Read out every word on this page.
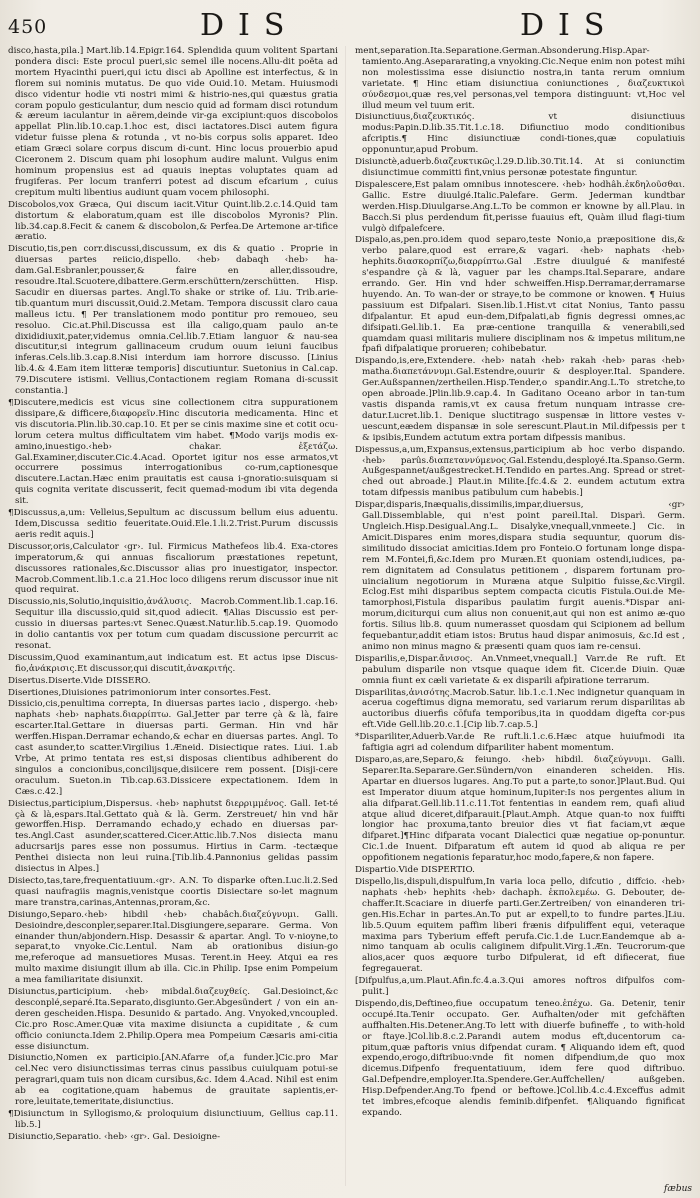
450	DIS	DIS

disco,hasta,pila.] Mart.lib.14.Epigr.164. Splendida quum volitent Spartani pondera disci: Este procul pueri,sic semel ille nocens.Allu-dit poëta ad mortem Hyacinthi pueri,qui ictu disci ab Apolline est interfectus, & in florem sui nominis mutatus. De quo vide Ouid.10. Metam. Huiusmodi disco videntur hodie vti nostri mimi & histrio-nes,qui quæstus gratia coram populo gesticulantur, dum nescio quid ad formam disci rotundum & æreum iaculantur in aërem,deinde vir-ga excipiunt:quos discobolos appellat Plin.lib.10.cap.1.hoc est, disci iactatores.Disci autem figura videtur fuisse plena & rotunda , vt no-bis corpus solis apparet. Ideo etiam Græci solare corpus discum di-cunt. Hinc locus prouerbio apud Ciceronem 2. Discum quam phi losophum audire malunt. Vulgus enim hominum propensius est ad quauis ineptas voluptates quam ad frugiferas. Per locum tranferri potest ad discum efcarium , cuius crepitum multi libentius audiunt quam vocem philosophi.

Discobolos,vox Græca, Qui discum iacit.Vitur Quint.lib.2.c.14.Quid tam distortum & elaboratum,quam est ille discobolos Myronis? Plin. lib.34.cap.8.Fecit & canem & discobolon,& Perfea.De Artemone ar-tifice æratio.

Discutio,tis,pen corr.discussi,discussum, ex dis & quatio . Proprie in diuersas partes reiicio,dispello. ‹heb› dabaqh ‹heb› ha-dam.Gal.Esbranler,pousser,& faire en aller,dissoudre, resoudre.Ital.Scuotere,dibattere.Germ.erschüttern/zerschütten. Hisp. Sacudir en diuersas partes. Angl.To shake or strike of. Liu. Trib.arie-tib.quantum muri discussit,Ouid.2.Metam. Tempora discussit claro caua malleus ictu. ¶ Per translationem modo pontitur pro remoueo, seu resoluo. Cic.at.Phil.Discussa est illa caligo,quam paulo an-te dixididiuxit,pater,videmus omnia.Cel.lib.7.Etiam languor & nau-sea discutitur,si integrum gallinaceum crudum ouum ieiuni faucibus inferas.Cels.lib.3.cap.8.Nisi interdum iam horrore discusso. [Linius lib.4.& 4.Eam item litteræ temporis] discutiuntur. Suetonius in Cal.cap. 79.Discutere istismi. Vellius,Contactionem regiam Romana di-scussit constantia.]

¶Discutere,medicis est vicus sine collectionem citra suppurationem dissipare,& difficere,διαφορεῖν.Hinc discutoria medicamenta. Hinc et vis discutoria.Plin.lib.30.cap.10. Et per se cinis maxime sine et cotit ocu-lorum cetera multus difficultatem vim habet. ¶Modo varijs modis ex-amino,inuestigo.‹heb› chakar. ἐξετάζω. Gal.Examiner,discuter.Cic.4.Acad. Oportet igitur nos esse armatos,vt occurrere possimus interrogationibus co-rum,captionesque discutere.Lactan.Hæc enim prauitatis est causa i-gnoratio:suisquam si quis cognita veritate discusserit, fecit quemad-modum ibi vita degenda sit.

¶Discussus,a,um: Velleius,Sepultum ac discussum bellum eius aduentu. Idem,Discussa seditio feueritate.Ouid.Ele.1.li.2.Trist.Purum discussis aeris redit aquis.]

Discussor,oris,Calculator ‹gr›. Iul. Firmicus Mathefeos lib.4. Exa-ctores imperatorum,& qui annuas fiscaliorum præstationes repetunt, discussores rationales,&c.Discussor alias pro inuestigator, inspector. Macrob.Comment.lib.1.c.a 21.Hoc loco diligens rerum discussor inue nit quod requirat.

Discussio,nis,Solutio,inquisitio,ἀνάλυσις. Macrob.Comment.lib.1.cap.16. Sequitur illa discussio,quid sit,quod adiecit. ¶Alias Discussio est per-cussio in diuersas partes:vt Senec.Quæst.Natur.lib.5.cap.19. Quomodo in dolio cantantis vox per totum cum quadam discussione percurrit ac resonat.

Discussim,Quod examinantum,aut indicatum est. Et actus ipse Discus-fio,ἀνάκρισις.Et discussor,qui discutit,ἀνακριτής.

Disertus.Diserte.Vide DISSERO.

Disertiones,Diuisiones patrimoniorum inter consortes.Fest.

Dissicio,cis,penultima correpta, In diuersas partes iacio , dispergo. ‹heb› naphats ‹heb› naphats.διαρρίπτω. Gal.Jetter par terre çà & là, faire escarter.Ital.Gettare in diuersas parti. German. Hin vnd här werffen.Hispan.Derramar echando,& echar en diuersas partes. Angl. To cast asunder,to scatter.Virgilius 1.Æneid. Disiectique rates. Liui. 1.ab Vrbe, At primo tentata res est,si disposas clientibus adhiberent do singulos a concionibus,concilijsque,disiicere rem possent. [Disji-cere oraculum. Sueton.in Tib.cap.63.Dissicere expectationem. Idem in Cæs.c.42.]

Disiectus,participium,Dispersus. ‹heb› naphutst διερριμμένος. Gall. Iet-té çà & là,espars.Ital.Gettato quà & là. Germ. Zerstreuet/ hin vnd här geworffen.Hisp. Derramando echado,y echado en diuersas par-tes.Angl.Cast asunder,scattered.Cicer.Attic.lib.7.Nos disiecta manu aducrsarijs pares esse non possumus. Hirtius in Carm. -tectæque Penthei disiecta non leui ruina.[Tib.lib.4.Pannonius gelidas passim disiectus in Alpes.]

Disiecto,tas,tare,frequentatiuum.‹gr›. A.N. To disparke often.Luc.li.2.Sed quasi naufragiis magnis,venistque coortis Disiectare so-let magnum mare transtra,carinas,Antennas,proram,&c.

Disiungo,Separo.‹heb› hibdil ‹heb› chabâch.διαζεύγνυμι. Galli. Desioindre,desconpler,separer.Ital.Disgiungere,separare. Germa. Von einander thun/abjondern.Hisp. Desassir & apartar. Angl. To v-nioyne,to separat,to vnyoke.Cic.Lentul. Nam ab orationibus disiun-go me,referoque ad mansuetiores Musas. Terent.in Heey. Atqui ea res multo maxime disiungit illum ab illa. Cic.in Philip. Ipse enim Pompeium a mea familiaritate disiunxit.

Disiunctus,participium. ‹heb› mibdal.διαζευχθείς. Gal.Desioinct,&c desconplé,separé.Ita.Separato,disgiunto.Ger.Abgesündert / von ein an-deren gescheiden.Hispa. Desunido & partado. Ang. Vnyoked,vncoupled. Cic.pro Rosc.Amer.Quæ vita maxime disiuncta a cupiditate , & cum officio coniuncta.Idem 2.Philip.Opera mea Pompeium Cæsaris ami-citia esse disiunctum.

Disiunctio,Nomen ex participio.[AN.Afarre of,a funder.]Cic.pro Mar cel.Nec vero disiunctissimas terras cinus passibus cuiulquam potui-se peragrari,quam tuis non dicam cursibus,&c. Idem 4.Acad. Nihil est enim ab ea cogitatione,quam habemus de grauitate sapientis,er-rore,leuitate,temeritate,disiunctius.

¶Disiunctum in Syllogismo,& proloquium disiunctiuum, Gellius cap.11. lib.5.]

Disiunctio,Separatio. ‹heb› ‹gr›. Gal. Desioigne-

ment,separation.Ita.Separatione.German.Absonderung.Hisp.Apar-tamiento.Ang.Asepararating,a vnyoking.Cic.Neque enim non potest mihi non molestissima esse disiunctio nostra,in tanta rerum omnium varietate. ¶ Hinc etiam disiunctiua coniunctiones , διαζευκτικοὶ σύνδεσμοι,quæ res,vel personas,vel tempora distinguunt: vt,Hoc vel illud meum vel tuum erit.

Disiunctiuus,διαζευκτικός. vt disiunctiuus modus:Papin.D.lib.35.Tit.1.c.18. Difiunctiuo modo conditionibus afcriptis.¶ Hinc disiunctiuæ condi-tiones,quæ copulatiuis opponuntur,apud Probum.

Disiunctè,aduerb.διαζευκτικῶς.l.29.D.lib.30.Tit.14. At si coniunctim disiunctimue committi fint,vnius personæ potestate finguntur.

Dispalescere,Est palam omnibus innotescere. ‹heb› hodhâh.ἐκδηλοῦσθαι. Gallic. Estre diuulgé.Italic.Palefare. Germ. Jederman kundtbar werden.Hisp.Diuulgarse.Ang.L.To be common er knowne by all.Plau. in Bacch.Si plus perdendum fit,perisse fuauius eft, Quàm illud flagi-tium vulgò difpalefcere.

Dispalo,as,pen.pro.idem quod separo,teste Nonio,a præpositione dis,& verbo palare,quod est errare,& vagari. ‹heb› naphats ‹heb› hephits.διασκορπίζω,διαρρίπτω.Gal .Estre diuulgué & manifesté s'espandre çà & là, vaguer par les champs.Ital.Separare, andare errando. Ger. Hin vnd hder schweiffen.Hisp.Derramar,derramarse huyendo. An. To wan-der or straye,to be commone or knowen. ¶ Huius passiuum est Difpalari. Sisen.lib.1.Hist.vt citat Nonius, Tanto passu difpalantur. Et apud eun-dem,Difpalati,ab fignis degressi omnes,ac difsipati.Gel.lib.1. Ea præ-centione tranquilla & venerabili,sed quamdam quasi militaris muliere disciplinam nos & impetus militum,ne fpafi difpalatique prorueren; cohibebatur.

Dispando,is,ere,Extendere. ‹heb› natah ‹heb› rakah ‹heb› paras ‹heb› matha.διαπετάννυμι.Gal.Estendre,ouurir & desployer.Ital. Spandere. Ger.Außspannen/zertheilen.Hisp.Tender,o spandir.Ang.L.To stretche,to open abroade.]Plin.lib.9.cap.4. In Gaditano Oceano arbor in tan-tum vastis dispanda ramis,vt ex causa fretum nunquam intrasse cre-datur.Lucret.lib.1. Denique sluctitrago suspensæ in littore vestes v-uescunt,eædem dispansæ in sole serescunt.Plaut.in Mil.difpessis per t & ipsibis,Eundem actutum extra portam difpessis manibus.

Dispessus,a,um,Expansus,extensus,participium ab hoc verbo dispando. ‹heb› parûs.διαπεταννύμενος.Gal.Estendu,desployé.Ita.Spanso.Germ. Außgespannet/außgestrecket.H.Tendido en partes.Ang. Spread or stret-ched out abroade.] Plaut.in Milite.[fc.4.& 2. eundem actutum extra totam difpessis manibus patibulum cum habebis.]

Dispar,disparis,Inæqualis,dissimilis,impar,diuersus, ‹gr› Gall.Dissemblable, qui n'est point pareil.Ital. Disparì. Germ. Ungleich.Hisp.Desigual.Ang.L. Disalyke,vnequall,vnmeete.] Cic. in Amicit.Dispares enim mores,dispara studia sequuntur, quorum dis-similitudo dissociat amicitias.Idem pro Fonteio.O fortunam longe dispa-rem M.Fontei,fi,&c.Idem pro Muræn.Et quoniam ostendi,iudices, pa-rem dignitatem ad Consulatus petitionem , disparem fortunam pro-uincialium negotiorum in Muræna atque Sulpitio fuisse,&c.Virgil. Eclog.Est mihi disparibus septem compacta cicutis Fistula.Oui.de Me-tamorphosi,Fistula disparibus paulatim furgit auenis.*Dispar ani-morum,diciturqui cum alius non conuenit,aut qui non est animo æ-quo fortis. Silius lib.8. quum numerasset quosdam qui Scipionem ad bellum fequebantur,addit etiam istos: Brutus haud dispar animosuis, &c.Id est , animo non minus magno & præsenti quam quos iam re-censui.

Disparilis,e,Dispar.ἄνισος. An.Vnmeet,vnequall.] Varr.de Re ruft. Et pabulum disparile non vtsque quaque idem fit. Cicer.de Diuin. Quæ omnia fiunt ex cæli varietate & ex disparili afpiratione terrarum.

Disparilitas,ἀνισότης.Macrob.Satur. lib.1.c.1.Nec indignetur quanquam in acerua cogeftimus digna memoratu, sed variarum rerum disparilitas ab auctoribus diuerfis cōfufa temporibus,ita in quoddam digefta cor-pus eft.Vide Gell.lib.20.c.1.[Cip lib.7.cap.5.]

*Dispariliter,Aduerb.Var.de Re ruft.li.1.c.6.Hæc atque huiufmodi ita faftigia agri ad colendum difpariliter habent momentum.

Disparo,as,are,Separo,& feiungo. ‹heb› hibdil. διαζεύγνυμι. Galli. Separer.Ita.Separare.Ger.Sündern/von einanderen scheiden. His. Apartar en diuersos lugares. Ang.To put a parte,to sonor.]Plaut.Bud. Qui est Imperator diuum atque hominum,Iupiter:Is nos pergentes alium in alia difparat.Gell.lib.11.c.11.Tot fententias in eandem rem, quafi aliud atque aliud diceret,difparauit.[Plaut.Amph. Atque quan-to nox fuiffti longior hac proxuma,tanto breuior dies vt fiat faciam,vt æque difparet.]¶Hinc difparata vocant Dialectici quæ negatiue op-ponuntur. Cic.1.de Inuent. Difparatum eft autem id quod ab aliqua re per oppofitionem negationis feparatur,hoc modo,fapere,& non fapere.

Dispartio.Vide DISPERTIO.

Dispello,lis,dispuli,dispulfum,In varia loca pello, difcutio , diffcio. ‹heb› naphats ‹heb› hephits ‹heb› dachaph. ἐκπολεμέω. G. Debouter, de-chaffer.It.Scaciare in diuerfe parti.Ger.Zertreiben/ von einanderen tri-gen.His.Echar in partes.An.To put ar expell,to to fundre partes.]Liu. lib.5.Quum equitem paffim liberi frænis difpuliffent equi, veteraque maxima pars Tyberium effeft perufa.Cic.1.de Lucr.Eandemque ab a-nimo tanquam ab oculis caliginem difpulit.Virg.1.Æn. Teucrorum-que alios,acer quos æquore turbo Difpulerat, id eft difiecerat, fiue fegregauerat.

[Difpulfus,a,um.Plaut.Afin.fc.4.a.3.Qui amores noftros difpulfos com-pulit.]

Dispendo,dis,Deftineo,fiue occupatum teneo.ἐπέχω. Ga. Detenir, tenir occupé.Ita.Tenir occupato. Ger. Aufhalten/oder mit gefchäften auffhalten.His.Detener.Ang.To lett with diuerfe bufineffe , to with-hold or ftaye.]Col.lib.8.c.2.Parandi autem modus eft,ducentorum ca-pitum,quæ paftoris vnius difpendat curam. ¶ Aliquando idem eft, quod expendo,erogo,diftribuo:vnde fit nomen difpendium,de quo mox dicemus.Difpenfo frequentatiuum, idem fere quod diftribuo. Gal.Defpendre,employer.Ita.Spendere.Ger.Auffchellen/ außgeben. Hisp.Defpender.Ang.To fpend or beftowe.]Col.lib.4.c.4.Exceffus admit tet imbres,efcoque alendis feminib.difpenfet. ¶Aliquando fignificat expando.

fæbus
